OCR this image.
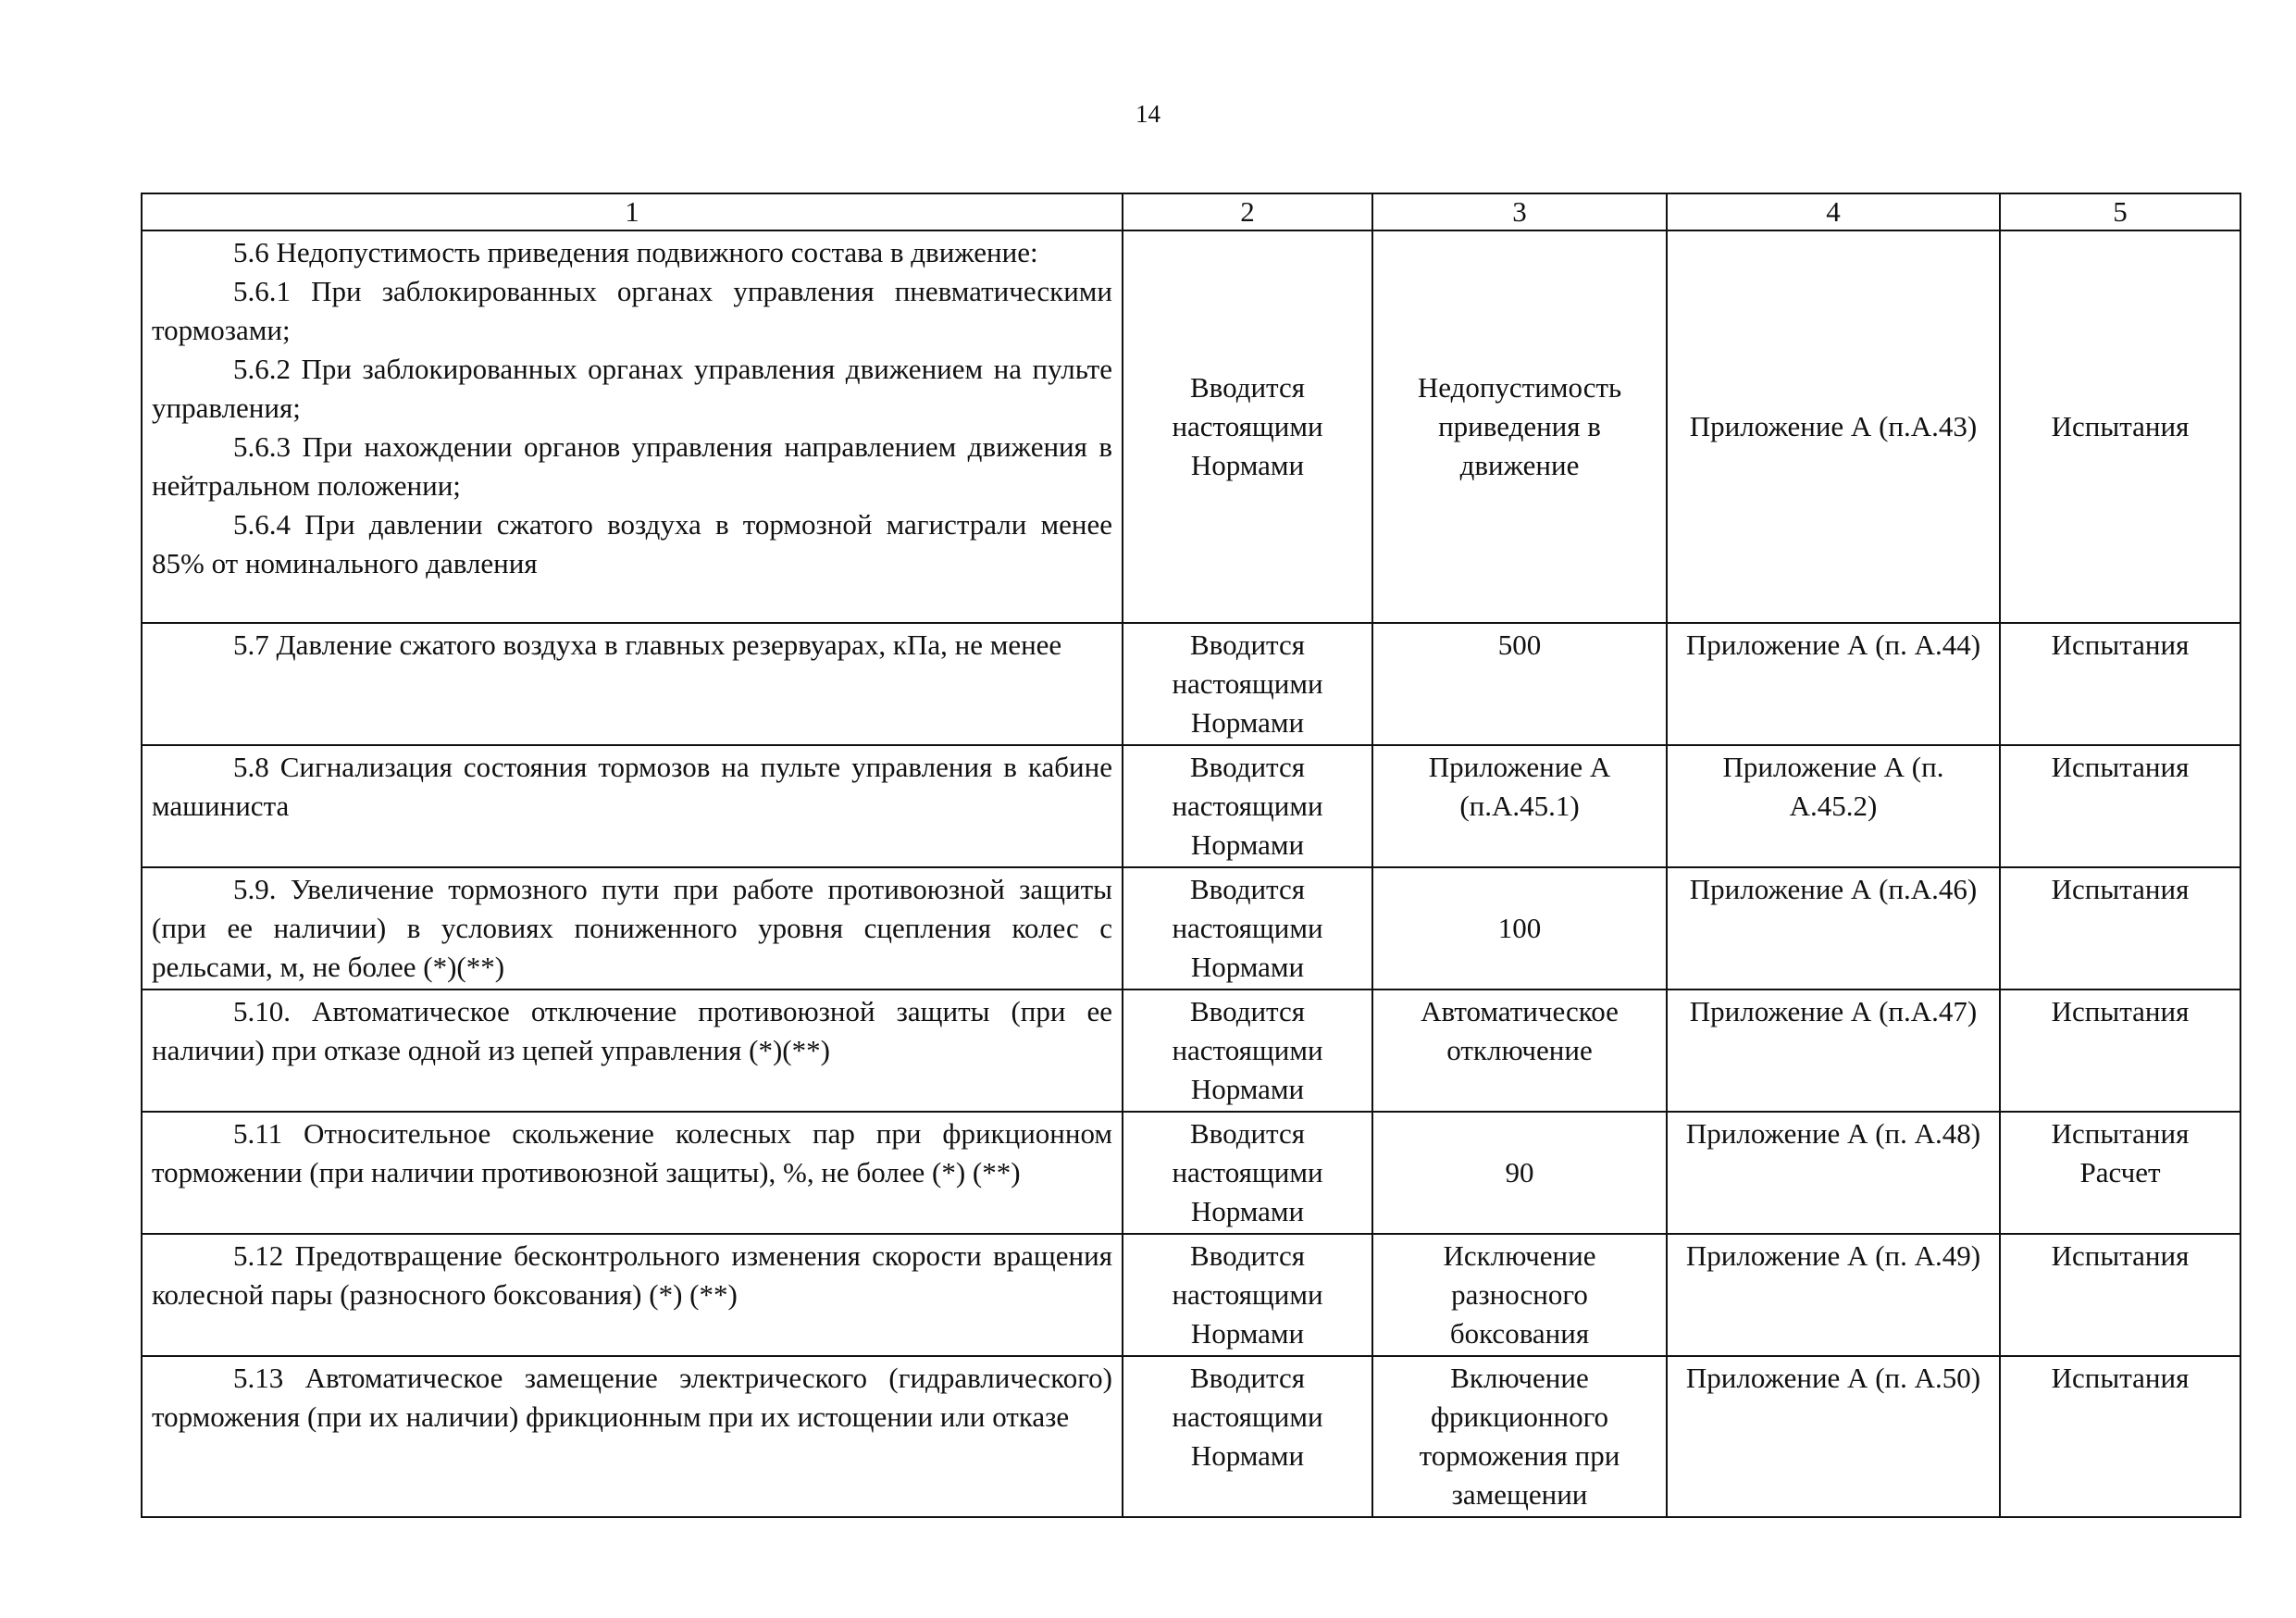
14
1	2	3	4	5

5.6 Недопустимость приведения подвижного состава в движение:
5.6.1 При заблокированных органах управления пневматическими тормозами;
5.6.2 При заблокированных органах управления движением на пульте управления;
5.6.3 При нахождении органов управления направлением движения в нейтральном положении;
5.6.4 При давлении сжатого воздуха в тормозной магистрали менее 85% от номинального давления	Вводится настоящими Нормами	Недопустимость приведения в движение	Приложение А (п.А.43)	Испытания
5.7 Давление сжатого воздуха в главных резервуарах, кПа, не менее	Вводится настоящими Нормами	500	Приложение А (п. А.44)	Испытания
5.8 Сигнализация состояния тормозов на пульте управления в кабине машиниста	Вводится настоящими Нормами	Приложение А (п.А.45.1)	Приложение А (п. А.45.2)	Испытания
5.9. Увеличение тормозного пути при работе противоюзной защиты (при ее наличии) в условиях пониженного уровня сцепления колес с рельсами, м, не более (*)(**)	Вводится настоящими Нормами	100	Приложение А (п.А.46)	Испытания
5.10. Автоматическое отключение противоюзной защиты (при ее наличии) при отказе одной из цепей управления (*)(**)	Вводится настоящими Нормами	Автоматическое отключение	Приложение А (п.А.47)	Испытания
5.11 Относительное скольжение колесных пар при фрикционном торможении (при наличии противоюзной защиты), %, не более (*) (**)	Вводится настоящими Нормами	90	Приложение А (п. А.48)	Испытания Расчет
5.12 Предотвращение бесконтрольного изменения скорости вращения колесной пары (разносного боксования) (*) (**)	Вводится настоящими Нормами	Исключение разносного боксования	Приложение А (п. А.49)	Испытания
5.13 Автоматическое замещение электрического (гидравлического) торможения (при их наличии) фрикционным при их истощении или отказе	Вводится настоящими Нормами	Включение фрикционного торможения при замещении	Приложение А (п. А.50)	Испытания
